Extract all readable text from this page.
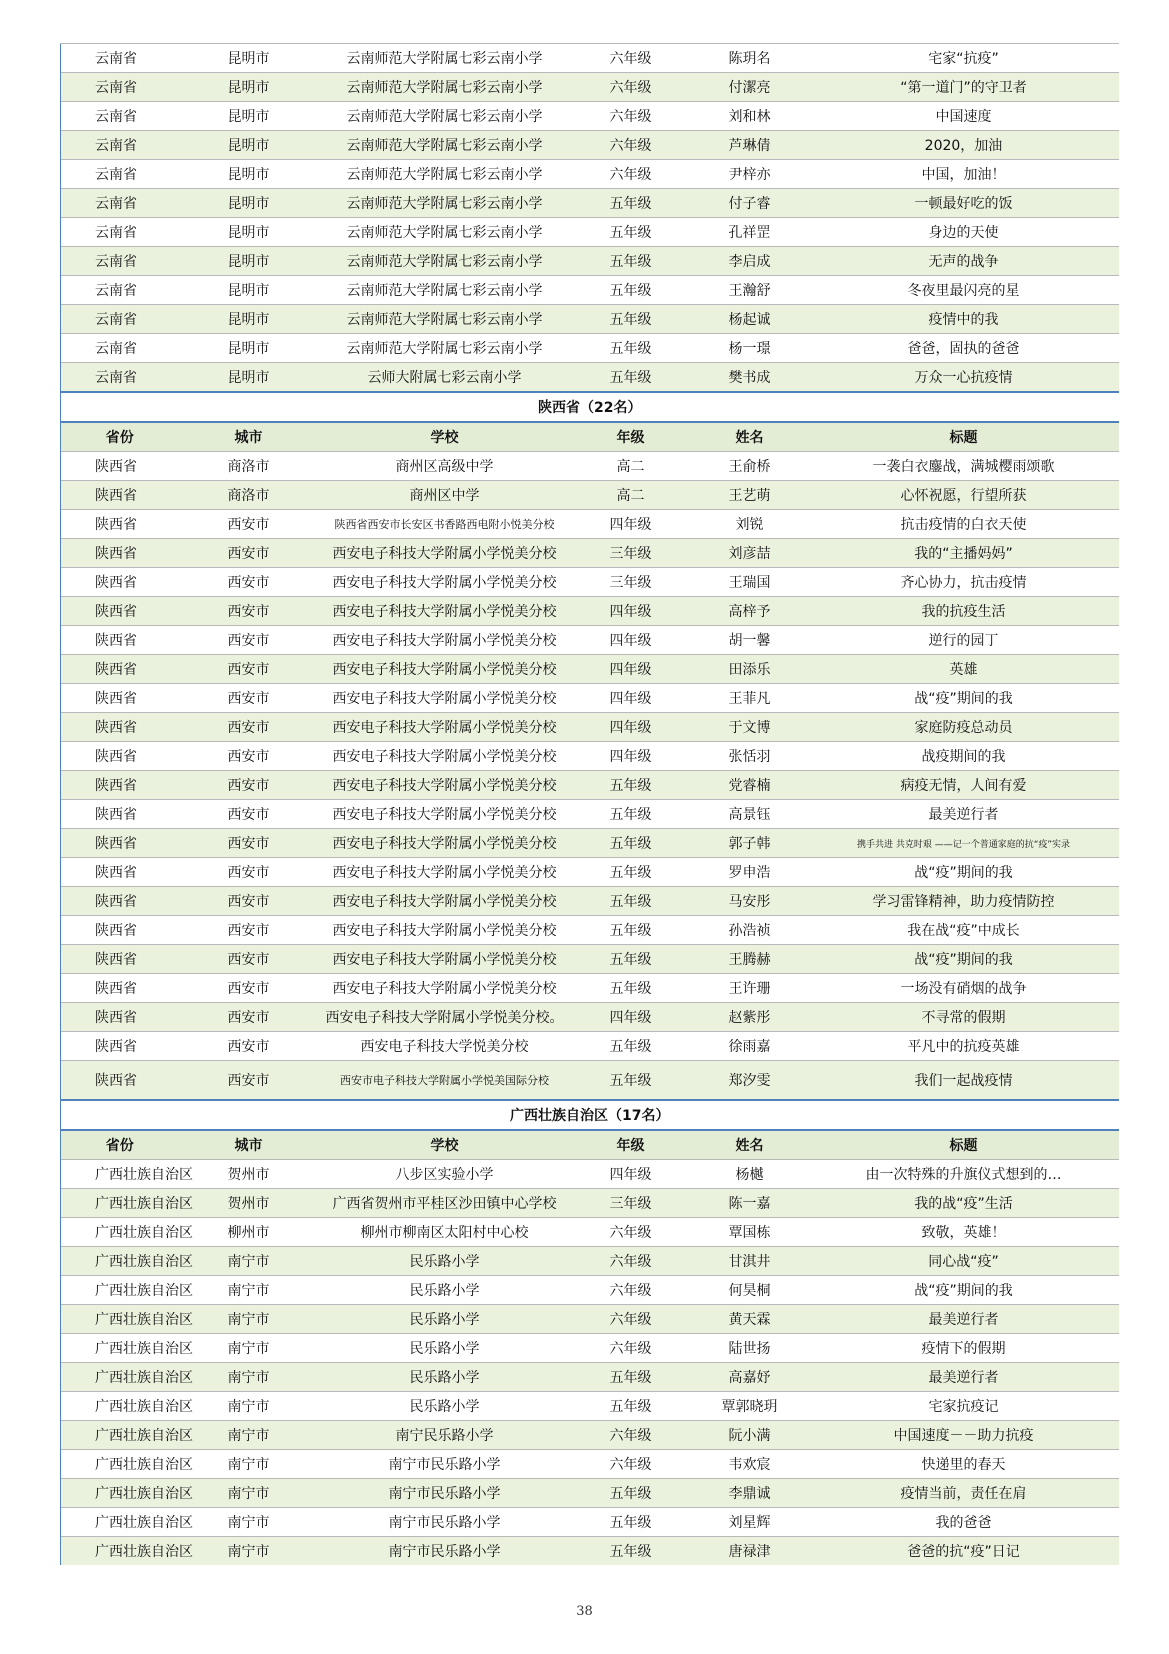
云南省	昆明市	云南师范大学附属七彩云南小学	六年级	陈玥名	宅家“抗疫”
云南省	昆明市	云南师范大学附属七彩云南小学	六年级	付潔亮	“第一道门”的守卫者
云南省	昆明市	云南师范大学附属七彩云南小学	六年级	刘和林	中国速度
云南省	昆明市	云南师范大学附属七彩云南小学	六年级	芦琳倩	2020，加油
云南省	昆明市	云南师范大学附属七彩云南小学	六年级	尹梓亦	中国，加油！
云南省	昆明市	云南师范大学附属七彩云南小学	五年级	付子睿	一顿最好吃的饭
云南省	昆明市	云南师范大学附属七彩云南小学	五年级	孔祥罡	身边的天使
云南省	昆明市	云南师范大学附属七彩云南小学	五年级	李启成	无声的战争
云南省	昆明市	云南师范大学附属七彩云南小学	五年级	王瀚舒	冬夜里最闪亮的星
云南省	昆明市	云南师范大学附属七彩云南小学	五年级	杨起诚	疫情中的我
云南省	昆明市	云南师范大学附属七彩云南小学	五年级	杨一璟	爸爸，固执的爸爸
云南省	昆明市	云师大附属七彩云南小学	五年级	樊书成	万众一心抗疫情
陕西省（22名）					
省份	城市	学校	年级	姓名	标题
陕西省	商洛市	商州区高级中学	高二	王俞桥	一袭白衣鏖战，满城樱雨颂歌
陕西省	商洛市	商州区中学	高二	王艺萌	心怀祝愿，行望所获
陕西省	西安市	陕西省西安市长安区书香路西电附小悦美分校	四年级	刘锐	抗击疫情的白衣天使
陕西省	西安市	西安电子科技大学附属小学悦美分校	三年级	刘彦喆	我的“主播妈妈”
陕西省	西安市	西安电子科技大学附属小学悦美分校	三年级	王瑞国	齐心协力，抗击疫情
陕西省	西安市	西安电子科技大学附属小学悦美分校	四年级	高梓予	我的抗疫生活
陕西省	西安市	西安电子科技大学附属小学悦美分校	四年级	胡一馨	逆行的园丁
陕西省	西安市	西安电子科技大学附属小学悦美分校	四年级	田添乐	英雄
陕西省	西安市	西安电子科技大学附属小学悦美分校	四年级	王菲凡	战“疫”期间的我
陕西省	西安市	西安电子科技大学附属小学悦美分校	四年级	于文博	家庭防疫总动员
陕西省	西安市	西安电子科技大学附属小学悦美分校	四年级	张恬羽	战疫期间的我
陕西省	西安市	西安电子科技大学附属小学悦美分校	五年级	党睿楠	病疫无情，人间有爱
陕西省	西安市	西安电子科技大学附属小学悦美分校	五年级	高景钰	最美逆行者
陕西省	西安市	西安电子科技大学附属小学悦美分校	五年级	郭子韩	携手共进 共克时艰 ——记一个普通家庭的抗“疫”实录
陕西省	西安市	西安电子科技大学附属小学悦美分校	五年级	罗申浩	战“疫”期间的我
陕西省	西安市	西安电子科技大学附属小学悦美分校	五年级	马安彤	学习雷锋精神，助力疫情防控
陕西省	西安市	西安电子科技大学附属小学悦美分校	五年级	孙浩祯	我在战“疫”中成长
陕西省	西安市	西安电子科技大学附属小学悦美分校	五年级	王腾赫	战“疫”期间的我
陕西省	西安市	西安电子科技大学附属小学悦美分校	五年级	王许珊	一场没有硝烟的战争
陕西省	西安市	西安电子科技大学附属小学悦美分校。	四年级	赵紫彤	不寻常的假期
陕西省	西安市	西安电子科技大学悦美分校	五年级	徐雨嘉	平凡中的抗疫英雄
陕西省	西安市	西安市电子科技大学附属小学悦美国际分校	五年级	郑汐雯	我们一起战疫情
广西壮族自治区（17名）					
省份	城市	学校	年级	姓名	标题
广西壮族自治区	贺州市	八步区实验小学	四年级	杨樾	由一次特殊的升旗仪式想到的…
广西壮族自治区	贺州市	广西省贺州市平桂区沙田镇中心学校	三年级	陈一嘉	我的战“疫”生活
广西壮族自治区	柳州市	柳州市柳南区太阳村中心校	六年级	覃国栋	致敬，英雄！
广西壮族自治区	南宁市	民乐路小学	六年级	甘淇井	同心战“疫”
广西壮族自治区	南宁市	民乐路小学	六年级	何昊桐	战“疫”期间的我
广西壮族自治区	南宁市	民乐路小学	六年级	黄天霖	最美逆行者
广西壮族自治区	南宁市	民乐路小学	六年级	陆世扬	疫情下的假期
广西壮族自治区	南宁市	民乐路小学	五年级	高嘉妤	最美逆行者
广西壮族自治区	南宁市	民乐路小学	五年级	覃郭晓玥	宅家抗疫记
广西壮族自治区	南宁市	南宁民乐路小学	六年级	阮小满	中国速度－－助力抗疫
广西壮族自治区	南宁市	南宁市民乐路小学	六年级	韦欢宸	快递里的春天
广西壮族自治区	南宁市	南宁市民乐路小学	五年级	李鼎诚	疫情当前，责任在肩
广西壮族自治区	南宁市	南宁市民乐路小学	五年级	刘星辉	我的爸爸
广西壮族自治区	南宁市	南宁市民乐路小学	五年级	唐禄津	爸爸的抗“疫”日记
38
